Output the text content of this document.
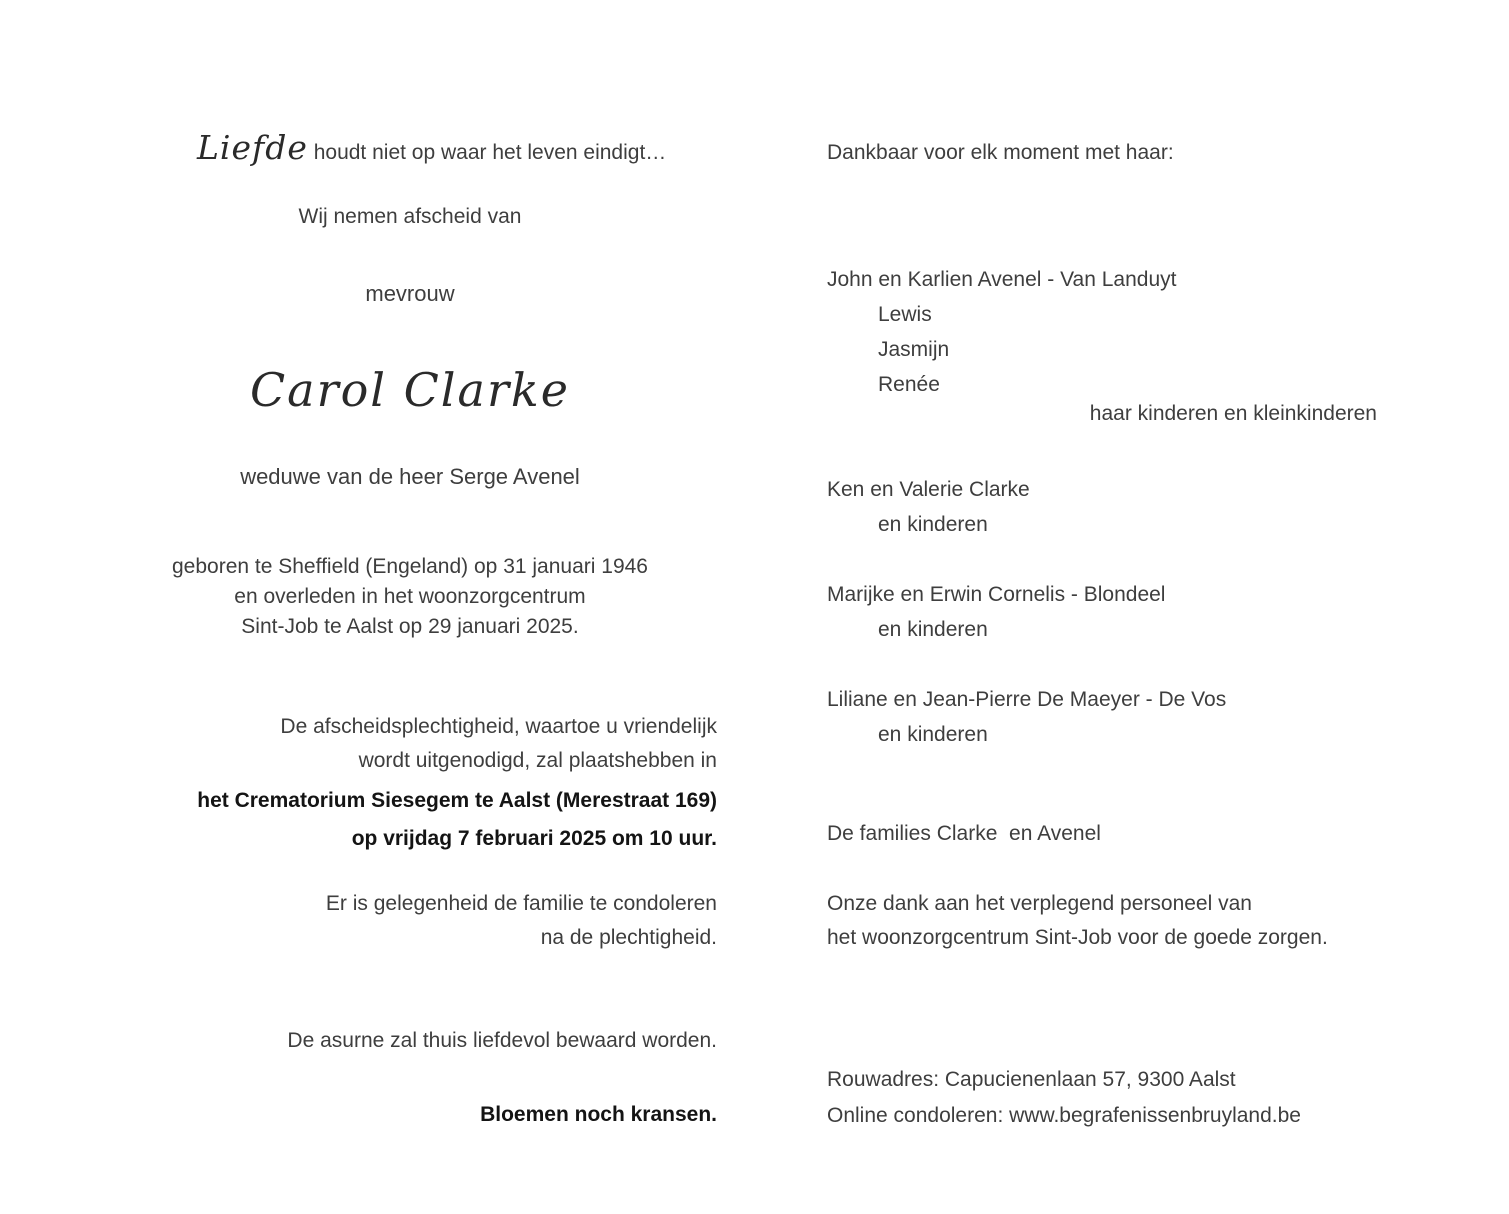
Liefde houdt niet op waar het leven eindigt…
Wij nemen afscheid van
mevrouw
Carol Clarke
weduwe van de heer Serge Avenel
geboren te Sheffield (Engeland) op 31 januari 1946
en overleden in het woonzorgcentrum
Sint-Job te Aalst op 29 januari 2025.
De afscheidsplechtigheid, waartoe u vriendelijk
wordt uitgenodigd, zal plaatshebben in
het Crematorium Siesegem te Aalst (Merestraat 169)
op vrijdag 7 februari 2025 om 10 uur.
Er is gelegenheid de familie te condoleren
na de plechtigheid.
De asurne zal thuis liefdevol bewaard worden.
Bloemen noch kransen.
Dankbaar voor elk moment met haar:
John en Karlien Avenel - Van Landuyt
Lewis
Jasmijn
Renée
haar kinderen en kleinkinderen
Ken en Valerie Clarke
en kinderen
Marijke en Erwin Cornelis - Blondeel
en kinderen
Liliane en Jean-Pierre De Maeyer - De Vos
en kinderen
De families Clarke  en Avenel
Onze dank aan het verplegend personeel van
het woonzorgcentrum Sint-Job voor de goede zorgen.
Rouwadres: Capucienenlaan 57, 9300 Aalst
Online condoleren: www.begrafenissenbruyland.be
